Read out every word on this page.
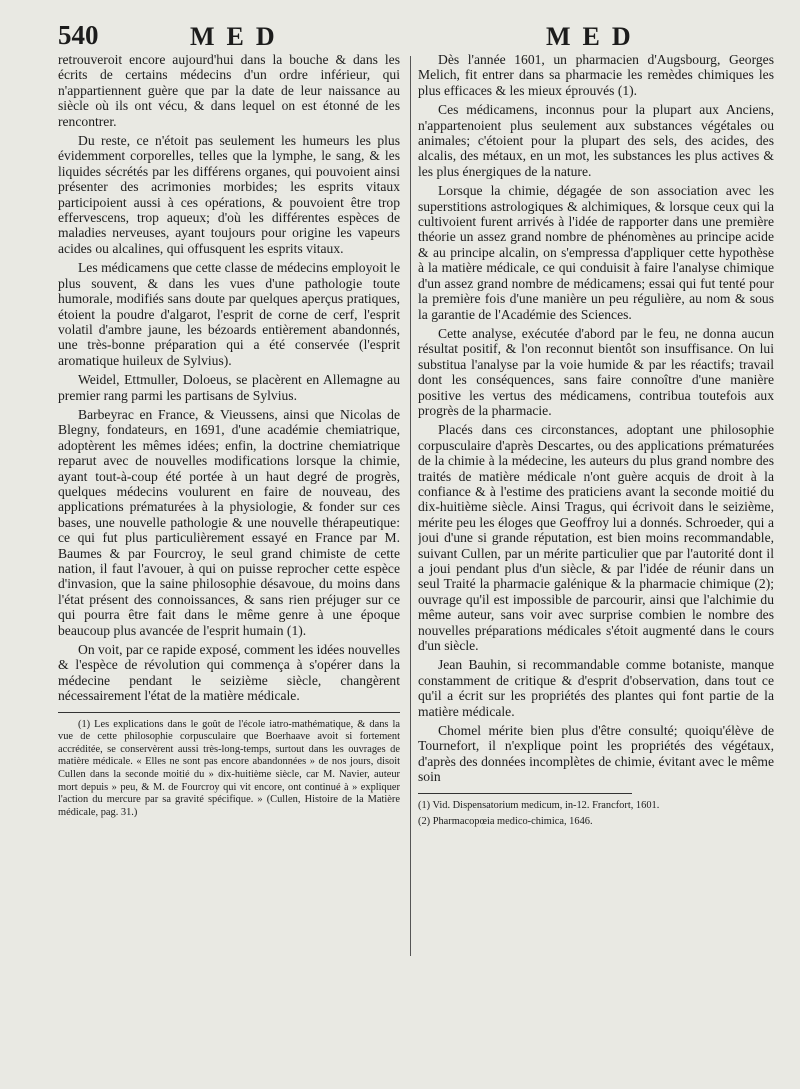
540	MED	MED

retrouveroit encore aujourd'hui dans la bouche & dans les écrits de certains médecins d'un ordre inférieur, qui n'appartiennent guère que par la date de leur naissance au siècle où ils ont vécu, & dans lequel on est étonné de les rencontrer.

Du reste, ce n'étoit pas seulement les humeurs les plus évidemment corporelles, telles que la lymphe, le sang, & les liquides sécrétés par les différens organes, qui pouvoient ainsi présenter des acrimonies morbides; les esprits vitaux participoient aussi à ces opérations, & pouvoient être trop effervescens, trop aqueux; d'où les différentes espèces de maladies nerveuses, ayant toujours pour origine les vapeurs acides ou alcalines, qui offusquent les esprits vitaux.

Les médicamens que cette classe de médecins employoit le plus souvent, & dans les vues d'une pathologie toute humorale, modifiés sans doute par quelques aperçus pratiques, étoient la poudre d'algarot, l'esprit de corne de cerf, l'esprit volatil d'ambre jaune, les bézoards entièrement abandonnés, une très-bonne préparation qui a été conservée (l'esprit aromatique huileux de Sylvius).

Weidel, Ettmuller, Doloeus, se placèrent en Allemagne au premier rang parmi les partisans de Sylvius.

Barbeyrac en France, & Vieussens, ainsi que Nicolas de Blegny, fondateurs, en 1691, d'une académie chemiatrique, adoptèrent les mêmes idées; enfin, la doctrine chemiatrique reparut avec de nouvelles modifications lorsque la chimie, ayant tout-à-coup été portée à un haut degré de progrès, quelques médecins voulurent en faire de nouveau, des applications prématurées à la physiologie, & fonder sur ces bases, une nouvelle pathologie & une nouvelle thérapeutique: ce qui fut plus particulièrement essayé en France par M. Baumes & par Fourcroy, le seul grand chimiste de cette nation, il faut l'avouer, à qui on puisse reprocher cette espèce d'invasion, que la saine philosophie désavoue, du moins dans l'état présent des connoissances, & sans rien préjuger sur ce qui pourra être fait dans le même genre à une époque beaucoup plus avancée de l'esprit humain (1).

On voit, par ce rapide exposé, comment les idées nouvelles & l'espèce de révolution qui commença à s'opérer dans la médecine pendant le seizième siècle, changèrent nécessairement l'état de la matière médicale.

(1) Les explications dans le goût de l'école iatro-mathématique, & dans la vue de cette philosophie corpusculaire que Boerhaave avoit si fortement accréditée, se conservèrent aussi très-long-temps, surtout dans les ouvrages de matière médicale. « Elles ne sont pas encore abandonnées » de nos jours, disoit Cullen dans la seconde moitié du » dix-huitième siècle, car M. Navier, auteur mort depuis » peu, & M. de Fourcroy qui vit encore, ont continué à » expliquer l'action du mercure par sa gravité spécifique. » (Cullen, Histoire de la Matière médicale, pag. 31.)

Dès l'année 1601, un pharmacien d'Augsbourg, Georges Melich, fit entrer dans sa pharmacie les remèdes chimiques les plus efficaces & les mieux éprouvés (1).

Ces médicamens, inconnus pour la plupart aux Anciens, n'appartenoient plus seulement aux substances végétales ou animales; c'étoient pour la plupart des sels, des acides, des alcalis, des métaux, en un mot, les substances les plus actives & les plus énergiques de la nature.

Lorsque la chimie, dégagée de son association avec les superstitions astrologiques & alchimiques, & lorsque ceux qui la cultivoient furent arrivés à l'idée de rapporter dans une première théorie un assez grand nombre de phénomènes au principe acide & au principe alcalin, on s'empressa d'appliquer cette hypothèse à la matière médicale, ce qui conduisit à faire l'analyse chimique d'un assez grand nombre de médicamens; essai qui fut tenté pour la première fois d'une manière un peu régulière, au nom & sous la garantie de l'Académie des Sciences.

Cette analyse, exécutée d'abord par le feu, ne donna aucun résultat positif, & l'on reconnut bientôt son insuffisance. On lui substitua l'analyse par la voie humide & par les réactifs; travail dont les conséquences, sans faire connoître d'une manière positive les vertus des médicamens, contribua toutefois aux progrès de la pharmacie.

Placés dans ces circonstances, adoptant une philosophie corpusculaire d'après Descartes, ou des applications prématurées de la chimie à la médecine, les auteurs du plus grand nombre des traités de matière médicale n'ont guère acquis de droit à la confiance & à l'estime des praticiens avant la seconde moitié du dix-huitième siècle. Ainsi Tragus, qui écrivoit dans le seizième, mérite peu les éloges que Geoffroy lui a donnés. Schroeder, qui a joui d'une si grande réputation, est bien moins recommandable, suivant Cullen, par un mérite particulier que par l'autorité dont il a joui pendant plus d'un siècle, & par l'idée de réunir dans un seul Traité la pharmacie galénique & la pharmacie chimique (2); ouvrage qu'il est impossible de parcourir, ainsi que l'alchimie du même auteur, sans voir avec surprise combien le nombre des nouvelles préparations médicales s'étoit augmenté dans le cours d'un siècle.

Jean Bauhin, si recommandable comme botaniste, manque constamment de critique & d'esprit d'observation, dans tout ce qu'il a écrit sur les propriétés des plantes qui font partie de la matière médicale.

Chomel mérite bien plus d'être consulté; quoiqu'élève de Tournefort, il n'explique point les propriétés des végétaux, d'après des données incomplètes de chimie, évitant avec le même soin

(1) Vid. Dispensatorium medicum, in-12. Francfort, 1601.

(2) Pharmacopœia medico-chimica, 1646.
